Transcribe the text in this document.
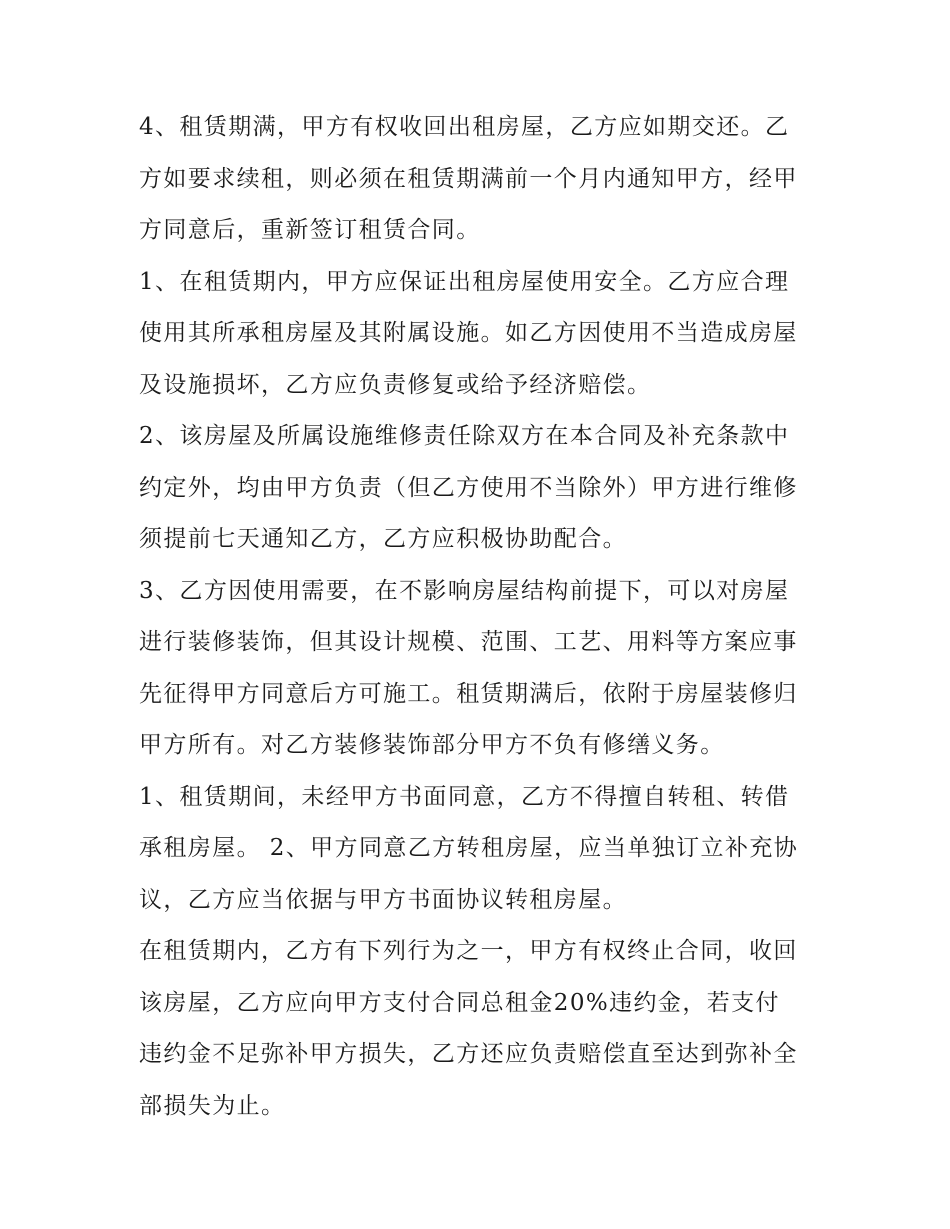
4、租赁期满，甲方有权收回出租房屋，乙方应如期交还。乙
方如要求续租，则必须在租赁期满前一个月内通知甲方，经甲
方同意后，重新签订租赁合同。
1、在租赁期内，甲方应保证出租房屋使用安全。乙方应合理
使用其所承租房屋及其附属设施。如乙方因使用不当造成房屋
及设施损坏，乙方应负责修复或给予经济赔偿。
2、该房屋及所属设施维修责任除双方在本合同及补充条款中
约定外，均由甲方负责（但乙方使用不当除外）甲方进行维修
须提前七天通知乙方，乙方应积极协助配合。
3、乙方因使用需要，在不影响房屋结构前提下，可以对房屋
进行装修装饰，但其设计规模、范围、工艺、用料等方案应事
先征得甲方同意后方可施工。租赁期满后，依附于房屋装修归
甲方所有。对乙方装修装饰部分甲方不负有修缮义务。
1、租赁期间，未经甲方书面同意，乙方不得擅自转租、转借
承租房屋。 2、甲方同意乙方转租房屋，应当单独订立补充协
议，乙方应当依据与甲方书面协议转租房屋。
在租赁期内，乙方有下列行为之一，甲方有权终止合同，收回
该房屋，乙方应向甲方支付合同总租金20%违约金，若支付
违约金不足弥补甲方损失，乙方还应负责赔偿直至达到弥补全
部损失为止。
